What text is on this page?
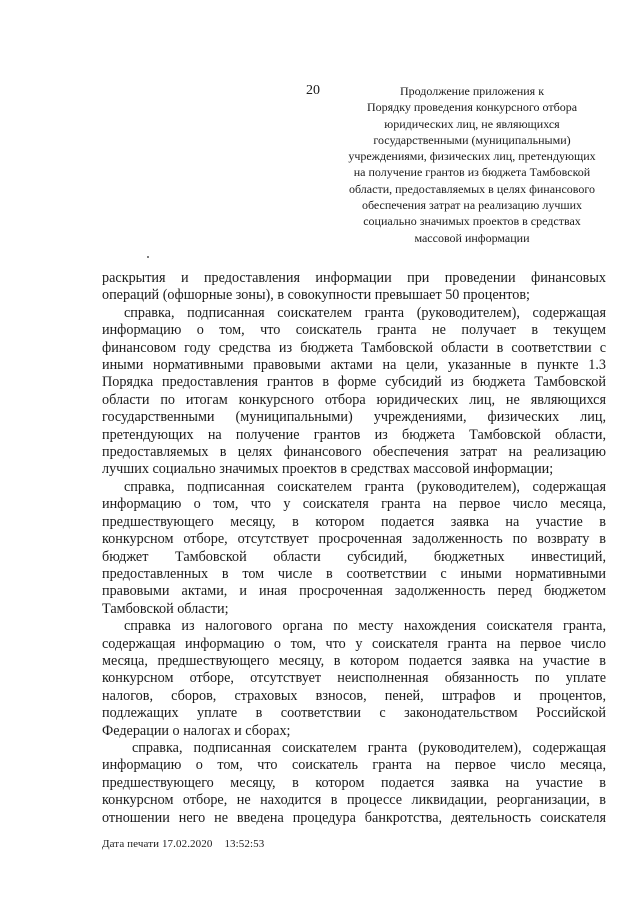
20	Продолжение приложения к
Порядку проведения конкурсного отбора
юридических лиц, не являющихся
государственными (муниципальными)
учреждениями, физических лиц, претендующих
на получение грантов из бюджета Тамбовской
области, предоставляемых в целях финансового
обеспечения затрат на реализацию лучших
социально значимых проектов в средствах
массовой информации
раскрытия и предоставления информации при проведении финансовых
операций (офшорные зоны), в совокупности превышает 50 процентов;
справка, подписанная соискателем гранта (руководителем), содержащая
информацию о том, что соискатель гранта не получает в текущем
финансовом году средства из бюджета Тамбовской области в соответствии с
иными нормативными правовыми актами на цели, указанные в пункте 1.3
Порядка предоставления грантов в форме субсидий из бюджета Тамбовской
области по итогам конкурсного отбора юридических лиц, не являющихся
государственными (муниципальными) учреждениями, физических лиц,
претендующих на получение грантов из бюджета Тамбовской области,
предоставляемых в целях финансового обеспечения затрат на реализацию
лучших социально значимых проектов в средствах массовой информации;
справка, подписанная соискателем гранта (руководителем), содержащая
информацию о том, что у соискателя гранта на первое число месяца,
предшествующего месяцу, в котором подается заявка на участие в
конкурсном отборе, отсутствует просроченная задолженность по возврату в
бюджет Тамбовской области субсидий, бюджетных инвестиций,
предоставленных в том числе в соответствии с иными нормативными
правовыми актами, и иная просроченная задолженность перед бюджетом
Тамбовской области;
справка из налогового органа по месту нахождения соискателя гранта,
содержащая информацию о том, что у соискателя гранта на первое число
месяца, предшествующего месяцу, в котором подается заявка на участие в
конкурсном отборе, отсутствует неисполненная обязанность по уплате
налогов, сборов, страховых взносов, пеней, штрафов и процентов,
подлежащих уплате в соответствии с законодательством Российской
Федерации о налогах и сборах;
справка, подписанная соискателем гранта (руководителем), содержащая
информацию о том, что соискатель гранта на первое число месяца,
предшествующего месяцу, в котором подается заявка на участие в
конкурсном отборе, не находится в процессе ликвидации, реорганизации, в
отношении него не введена процедура банкротства, деятельность соискателя
Дата печати 17.02.2020 13:52:53
